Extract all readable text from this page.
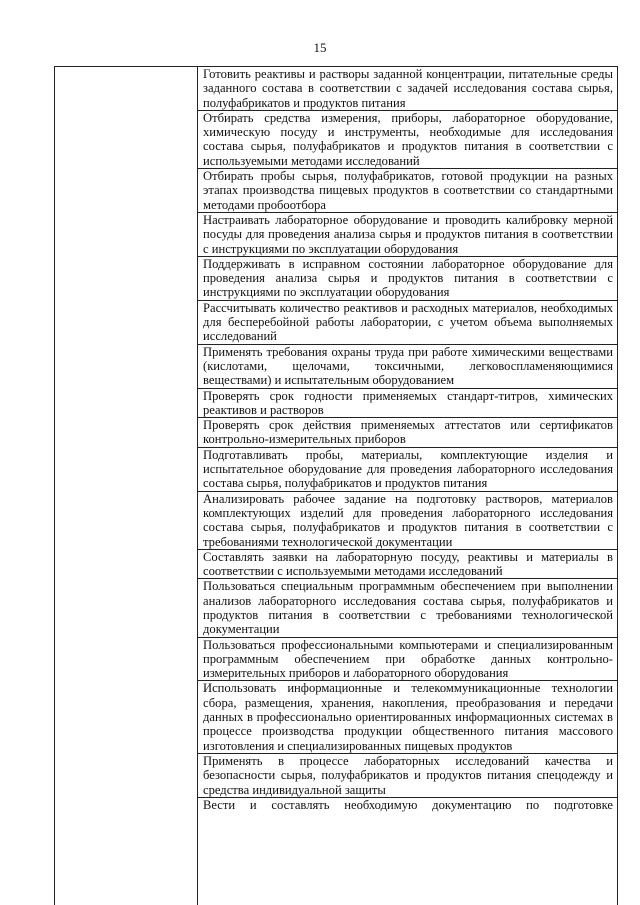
15
Готовить реактивы и растворы заданной концентрации, питательные среды заданного состава в соответствии с задачей исследования состава сырья, полуфабрикатов и продуктов питания
Отбирать средства измерения, приборы, лабораторное оборудование, химическую посуду и инструменты, необходимые для исследования состава сырья, полуфабрикатов и продуктов питания в соответствии с используемыми методами исследований
Отбирать пробы сырья, полуфабрикатов, готовой продукции на разных этапах производства пищевых продуктов в соответствии со стандартными методами пробоотбора
Настраивать лабораторное оборудование и проводить калибровку мерной посуды для проведения анализа сырья и продуктов питания в соответствии с инструкциями по эксплуатации оборудования
Поддерживать в исправном состоянии лабораторное оборудование для проведения анализа сырья и продуктов питания в соответствии с инструкциями по эксплуатации оборудования
Рассчитывать количество реактивов и расходных материалов, необходимых для бесперебойной работы лаборатории, с учетом объема выполняемых исследований
Применять требования охраны труда при работе химическими веществами (кислотами, щелочами, токсичными, легковоспламеняющимися веществами) и испытательным оборудованием
Проверять срок годности применяемых стандарт-титров, химических реактивов и растворов
Проверять срок действия применяемых аттестатов или сертификатов контрольно-измерительных приборов
Подготавливать пробы, материалы, комплектующие изделия и испытательное оборудование для проведения лабораторного исследования состава сырья, полуфабрикатов и продуктов питания
Анализировать рабочее задание на подготовку растворов, материалов комплектующих изделий для проведения лабораторного исследования состава сырья, полуфабрикатов и продуктов питания в соответствии с требованиями технологической документации
Составлять заявки на лабораторную посуду, реактивы и материалы в соответствии с используемыми методами исследований
Пользоваться специальным программным обеспечением при выполнении анализов лабораторного исследования состава сырья, полуфабрикатов и продуктов питания в соответствии с требованиями технологической документации
Пользоваться профессиональными компьютерами и специализированным программным обеспечением при обработке данных контрольно-измерительных приборов и лабораторного оборудования
Использовать информационные и телекоммуникационные технологии сбора, размещения, хранения, накопления, преобразования и передачи данных в профессионально ориентированных информационных системах в процессе производства продукции общественного питания массового изготовления и специализированных пищевых продуктов
Применять в процессе лабораторных исследований качества и безопасности сырья, полуфабрикатов и продуктов питания спецодежду и средства индивидуальной защиты
Вести и составлять необходимую документацию по подготовке
